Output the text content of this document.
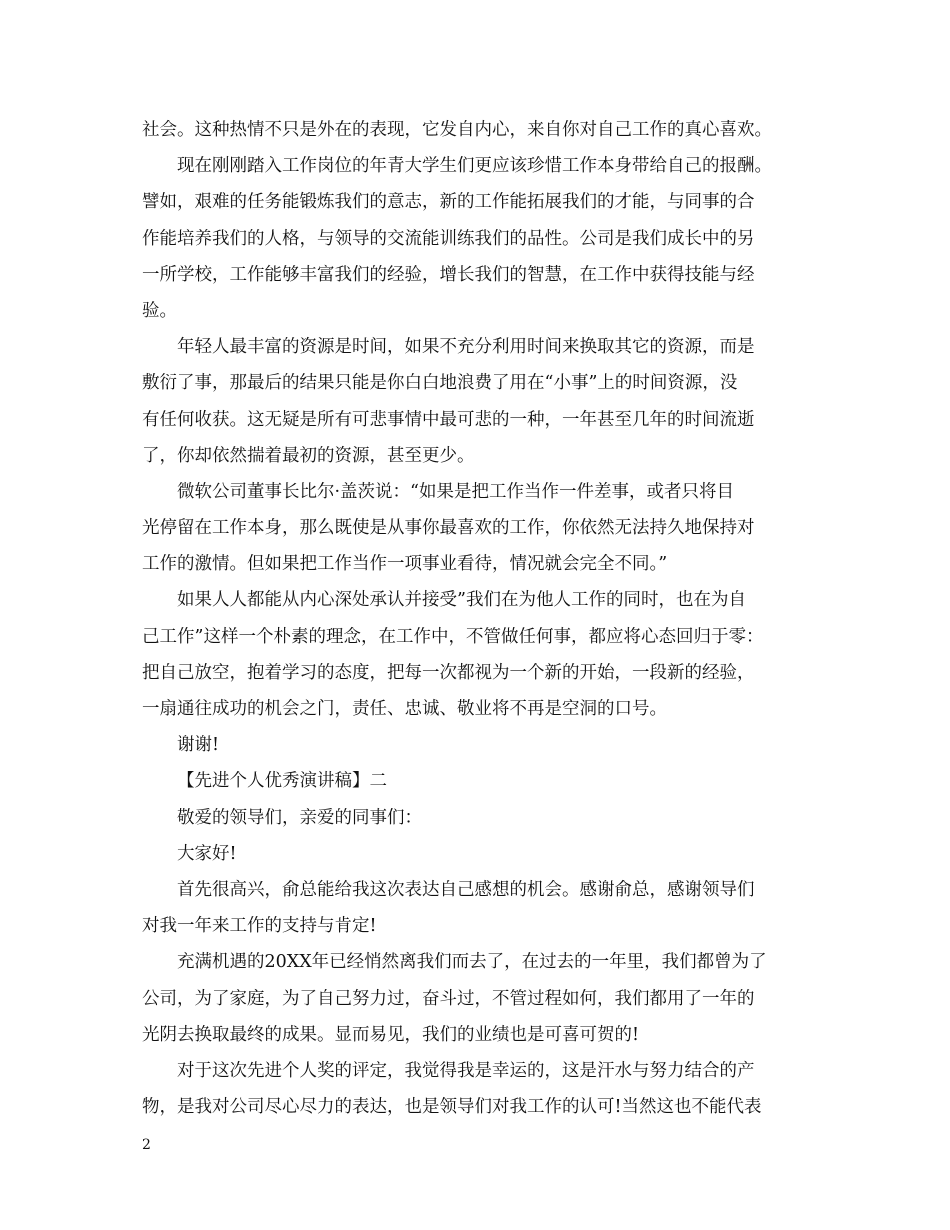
社会。这种热情不只是外在的表现，它发自内心，来自你对自己工作的真心喜欢。
现在刚刚踏入工作岗位的年青大学生们更应该珍惜工作本身带给自己的报酬。
譬如，艰难的任务能锻炼我们的意志，新的工作能拓展我们的才能，与同事的合
作能培养我们的人格，与领导的交流能训练我们的品性。公司是我们成长中的另
一所学校，工作能够丰富我们的经验，增长我们的智慧，在工作中获得技能与经
验。
年轻人最丰富的资源是时间，如果不充分利用时间来换取其它的资源，而是
敷衍了事，那最后的结果只能是你白白地浪费了用在“小事”上的时间资源，没
有任何收获。这无疑是所有可悲事情中最可悲的一种，一年甚至几年的时间流逝
了，你却依然揣着最初的资源，甚至更少。
微软公司董事长比尔·盖茨说：“如果是把工作当作一件差事，或者只将目
光停留在工作本身，那么既使是从事你最喜欢的工作，你依然无法持久地保持对
工作的激情。但如果把工作当作一项事业看待，情况就会完全不同。”
如果人人都能从内心深处承认并接受”我们在为他人工作的同时，也在为自
己工作”这样一个朴素的理念，在工作中，不管做任何事，都应将心态回归于零：
把自己放空，抱着学习的态度，把每一次都视为一个新的开始，一段新的经验，
一扇通往成功的机会之门，责任、忠诚、敬业将不再是空洞的口号。
谢谢!
【先进个人优秀演讲稿】二
敬爱的领导们，亲爱的同事们：
大家好!
首先很高兴，俞总能给我这次表达自己感想的机会。感谢俞总，感谢领导们
对我一年来工作的支持与肯定!
充满机遇的20XX年已经悄然离我们而去了，在过去的一年里，我们都曾为了
公司，为了家庭，为了自己努力过，奋斗过，不管过程如何，我们都用了一年的
光阴去换取最终的成果。显而易见，我们的业绩也是可喜可贺的!
对于这次先进个人奖的评定，我觉得我是幸运的，这是汗水与努力结合的产
物，是我对公司尽心尽力的表达，也是领导们对我工作的认可!当然这也不能代表
2
